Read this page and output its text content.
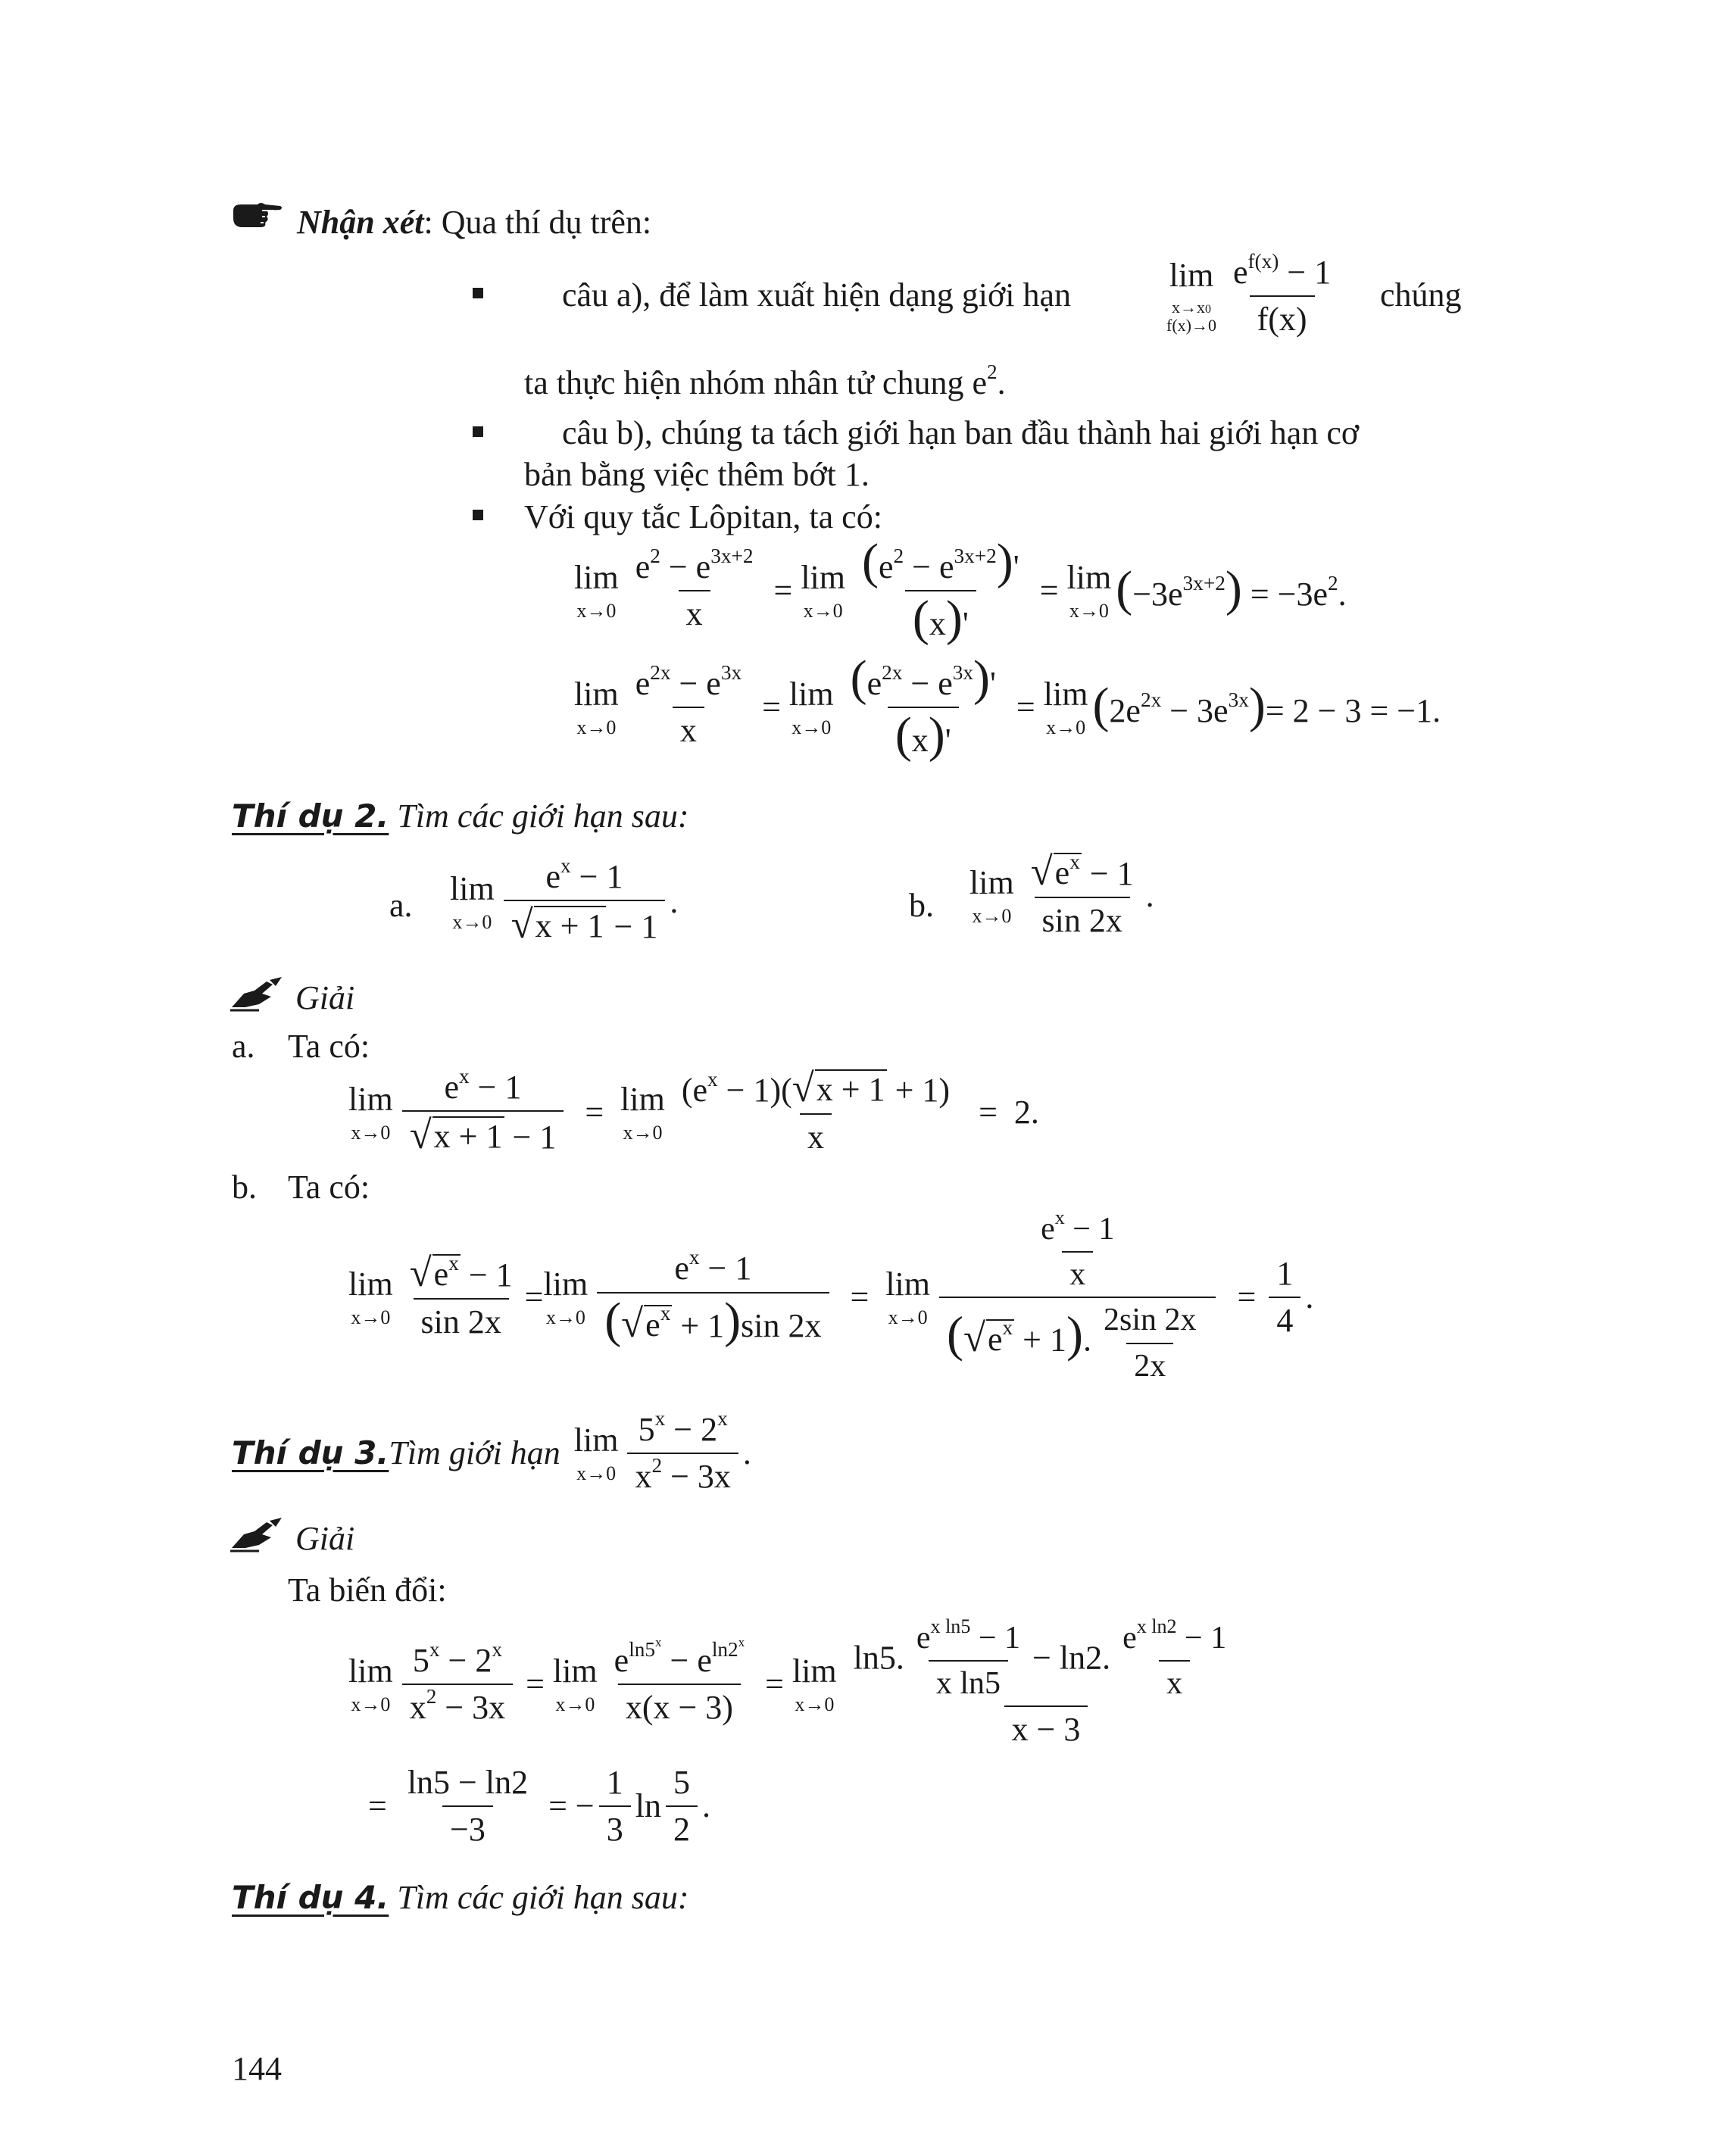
Nhận xét: Qua thí dụ trên:
câu a), để làm xuất hiện dạng giới hạn
lim
x→x0
$f(x)\to 0 \frac{e^{f(x)} - 1}{f(x)}$ chúng
ta thực hiện nhóm nhân tử chung $e^2$.
câu b), chúng ta tách giới hạn ban đầu thành hai giới hạn cơ
bản bằng việc thêm bớt 1.
Với quy tắc Lôpitan, ta có:
lim
$x\to 0 \frac{e^2 - e^{3x+2}}{x} = \lim$
$x\to 0 \frac{(e^2 - e^{3x+2})'}{(x)'} = \lim$
x→0 $(-3e^{3x+2}) = -3e^2$.
lim
$x\to 0 \frac{e^{2x} - e^{3x}}{x} = \lim$
$x\to 0 \frac{(e^{2x} - e^{3x})'}{(x)'} = \lim$
x→0 $(2e^{2x} - 3e^{3x})= 2 - 3 = -1$.
Thí dụ 2. Tìm các giới hạn sau:
a. lim
$x\to 0 \frac{e^x - 1}{√ x + 1 - 1}$ .	b.
lim
$x\to 0 \frac{√ e^x - 1}{\sin 2x}$ .
Giải
a. Ta có:
lim
$x\to 0 \frac{e^x - 1}{√ x + 1 - 1} = \lim$
$x\to 0 \frac{(e^x - 1)( √ x + 1 + 1)}{x} = 2$.
b. Ta có:
lim
$x\to 0 \frac{√ e^x - 1}{\sin 2x} = \lim$
$x\to 0 \frac{e^x - 1}{( √ e^x + 1)\sin 2x} = \lim$
$x\to 0 \frac{\frac{e^x - 1}{x}}{( √ e^x + 1). \frac{2\sin 2x}{2x}} = \frac{1}{4}$ .
Thí dụ 3. Tìm giới hạn lim
$x\to 0 \frac{5^x - 2^x}{x^2 - 3x}$ .
Giải
Ta biến đổi:
lim
$x\to 0 \frac{5^x - 2^x}{x^2 - 3x} = \lim$
$x\to 0 \frac{e^{ln5^x} - e^{ln2^x}}{x(x - 3)} = \lim$
$x\to 0 \frac{\ln 5. \frac{e^{x ln5} - 1}{\text{x ln5}} - \ln 2. \frac{e^{x ln2} - 1}{x}}{x - 3}$
= $\frac{\ln 5 - \ln 2}{-3}$ = − $\frac{1}{3}$ $\ln \frac{5}{2}$ .
Thí dụ 4. Tìm các giới hạn sau:
144
